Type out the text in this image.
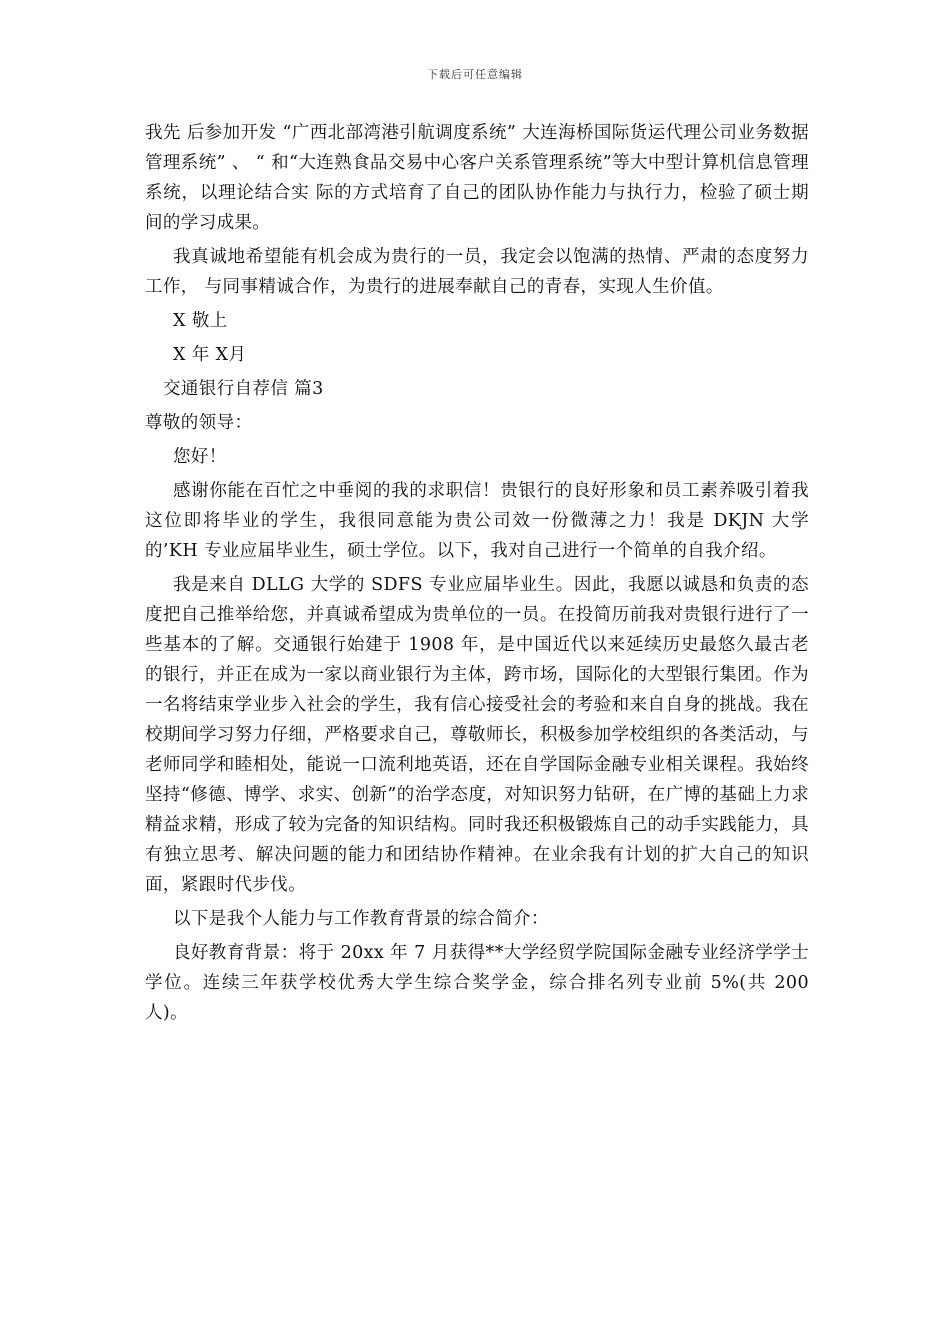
下载后可任意编辑

我先 后参加开发 “广西北部湾港引航调度系统” 大连海桥国际货运代理公司业务数据管理系统” 、 “ 和“大连熟食品交易中心客户关系管理系统”等大中型计算机信息管理系统，以理论结合实 际的方式培育了自己的团队协作能力与执行力，检验了硕士期间的学习成果。

我真诚地希望能有机会成为贵行的一员，我定会以饱满的热情、严肃的态度努力工作， 与同事精诚合作，为贵行的进展奉献自己的青春，实现人生价值。

X 敬上
X 年 X月
交通银行自荐信 篇3
尊敬的领导：
您好！

感谢你能在百忙之中垂阅的我的求职信！贵银行的良好形象和员工素养吸引着我这位即将毕业的学生，我很同意能为贵公司效一份微薄之力！我是 DKJN 大学的’KH 专业应届毕业生，硕士学位。以下，我对自己进行一个简单的自我介绍。

我是来自 DLLG 大学的 SDFS 专业应届毕业生。因此，我愿以诚恳和负责的态度把自己推举给您，并真诚希望成为贵单位的一员。在投简历前我对贵银行进行了一些基本的了解。交通银行始建于 1908 年，是中国近代以来延续历史最悠久最古老的银行，并正在成为一家以商业银行为主体，跨市场，国际化的大型银行集团。作为一名将结束学业步入社会的学生，我有信心接受社会的考验和来自自身的挑战。我在校期间学习努力仔细，严格要求自己，尊敬师长，积极参加学校组织的各类活动，与老师同学和睦相处，能说一口流利地英语，还在自学国际金融专业相关课程。我始终坚持“修德、博学、求实、创新”的治学态度，对知识努力钻研，在广博的基础上力求精益求精，形成了较为完备的知识结构。同时我还积极锻炼自己的动手实践能力，具有独立思考、解决问题的能力和团结协作精神。在业余我有计划的扩大自己的知识面，紧跟时代步伐。

以下是我个人能力与工作教育背景的综合简介：

良好教育背景：将于 20xx 年 7 月获得**大学经贸学院国际金融专业经济学学士学位。连续三年获学校优秀大学生综合奖学金，综合排名列专业前 5%(共 200 人)。
